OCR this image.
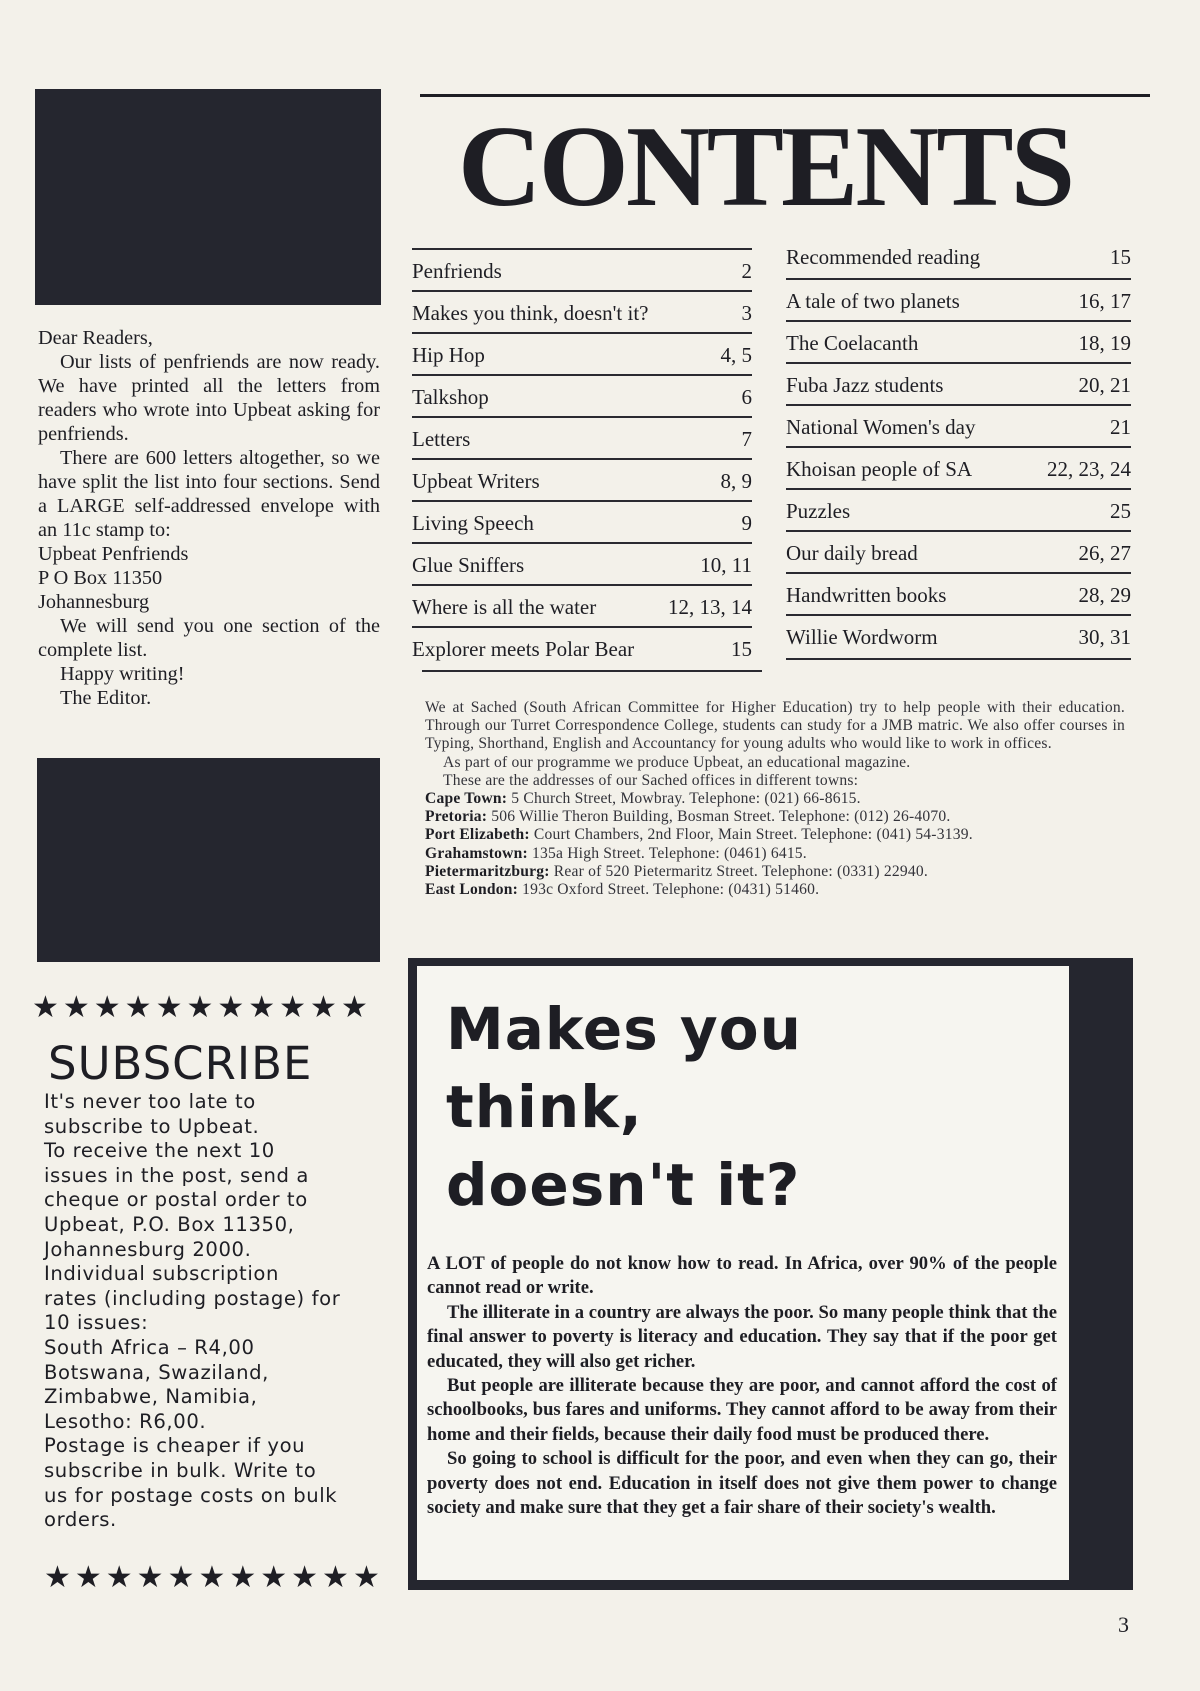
Dear Readers,

Our lists of penfriends are now ready. We have printed all the letters from readers who wrote into Upbeat asking for penfriends.

There are 600 letters altogether, so we have split the list into four sections. Send a LARGE self-addressed envelope with an 11c stamp to:

Upbeat Penfriends

P O Box 11350

Johannesburg

We will send you one section of the complete list.

Happy writing!

The Editor.

★★★★★★★★★★★
SUBSCRIBE
It's never too late to
subscribe to Upbeat.
To receive the next 10
issues in the post, send a
cheque or postal order to
Upbeat, P.O. Box 11350,
Johannesburg 2000.
Individual subscription
rates (including postage) for
10 issues:
South Africa – R4,00
Botswana, Swaziland,
Zimbabwe, Namibia,
Lesotho: R6,00.
Postage is cheaper if you
subscribe in bulk. Write to
us for postage costs on bulk
orders.
★★★★★★★★★★★
CONTENTS
Penfriends	2
Makes you think, doesn't it?	3
Hip Hop	4, 5
Talkshop	6
Letters	7
Upbeat Writers	8, 9
Living Speech	9
Glue Sniffers	10, 11
Where is all the water	12, 13, 14
Explorer meets Polar Bear	15
Recommended reading	15
A tale of two planets	16, 17
The Coelacanth	18, 19
Fuba Jazz students	20, 21
National Women's day	21
Khoisan people of SA	22, 23, 24
Puzzles	25
Our daily bread	26, 27
Handwritten books	28, 29
Willie Wordworm	30, 31

We at Sached (South African Committee for Higher Education) try to help people with their education. Through our Turret Correspondence College, students can study for a JMB matric. We also offer courses in Typing, Shorthand, English and Accountancy for young adults who would like to work in offices.

As part of our programme we produce Upbeat, an educational magazine.

These are the addresses of our Sached offices in different towns:

Cape Town: 5 Church Street, Mowbray. Telephone: (021) 66-8615.

Pretoria: 506 Willie Theron Building, Bosman Street. Telephone: (012) 26-4070.

Port Elizabeth: Court Chambers, 2nd Floor, Main Street. Telephone: (041) 54-3139.

Grahamstown: 135a High Street. Telephone: (0461) 6415.

Pietermaritzburg: Rear of 520 Pietermaritz Street. Telephone: (0331) 22940.

East London: 193c Oxford Street. Telephone: (0431) 51460.

Makes you
think,
doesn't it?

A LOT of people do not know how to read. In Africa, over 90% of the people cannot read or write.

The illiterate in a country are always the poor. So many people think that the final answer to poverty is literacy and education. They say that if the poor get educated, they will also get richer.

But people are illiterate because they are poor, and cannot afford the cost of schoolbooks, bus fares and uniforms. They cannot afford to be away from their home and their fields, because their daily food must be produced there.

So going to school is difficult for the poor, and even when they can go, their poverty does not end. Education in itself does not give them power to change society and make sure that they get a fair share of their society's wealth.

3
